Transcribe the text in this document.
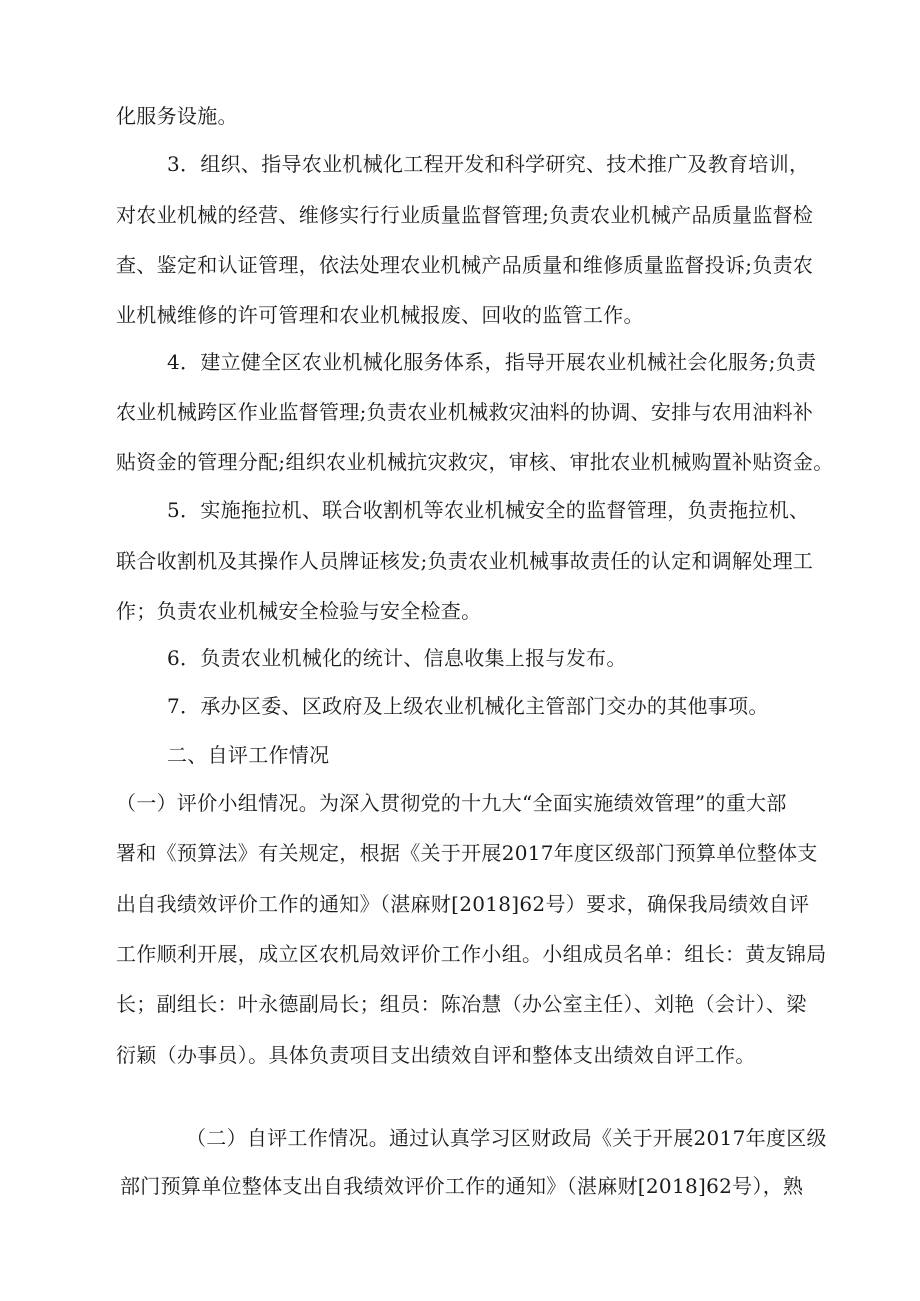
化服务设施。
3．组织、指导农业机械化工程开发和科学研究、技术推广及教育培训，
对农业机械的经营、维修实行行业质量监督管理;负责农业机械产品质量监督检
查、鉴定和认证管理，依法处理农业机械产品质量和维修质量监督投诉;负责农
业机械维修的许可管理和农业机械报废、回收的监管工作。
4．建立健全区农业机械化服务体系，指导开展农业机械社会化服务;负责
农业机械跨区作业监督管理;负责农业机械救灾油料的协调、安排与农用油料补
贴资金的管理分配;组织农业机械抗灾救灾，审核、审批农业机械购置补贴资金。
5．实施拖拉机、联合收割机等农业机械安全的监督管理，负责拖拉机、
联合收割机及其操作人员牌证核发;负责农业机械事故责任的认定和调解处理工
作；负责农业机械安全检验与安全检查。
6．负责农业机械化的统计、信息收集上报与发布。
7．承办区委、区政府及上级农业机械化主管部门交办的其他事项。
二、自评工作情况
（一）评价小组情况。为深入贯彻党的十九大“全面实施绩效管理”的重大部
署和《预算法》有关规定，根据《关于开展2017年度区级部门预算单位整体支
出自我绩效评价工作的通知》（湛麻财[2018]62号）要求，确保我局绩效自评
工作顺利开展，成立区农机局效评价工作小组。小组成员名单：组长：黄友锦局
长；副组长：叶永德副局长；组员：陈冶慧（办公室主任）、刘艳（会计）、梁
衍颖（办事员）。具体负责项目支出绩效自评和整体支出绩效自评工作。
（二）自评工作情况。通过认真学习区财政局《关于开展2017年度区级
部门预算单位整体支出自我绩效评价工作的通知》（湛麻财[2018]62号），熟
